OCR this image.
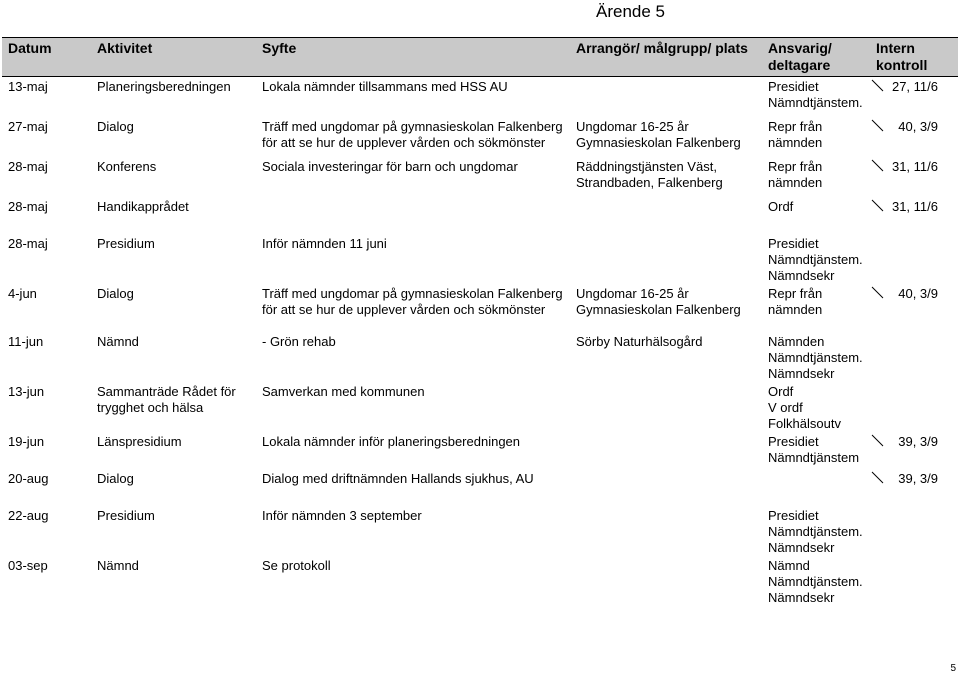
Ärende 5
Datum	Aktivitet	Syfte	Arrangör/ målgrupp/ plats	Ansvarig/ deltagare	Intern kontroll
13-maj	Planeringsberedningen	Lokala nämnder tillsammans med HSS AU		Presidiet
Nämndtjänstem.	27, 11/6
27-maj	Dialog	Träff med ungdomar på gymnasieskolan Falkenberg för att se hur de upplever vården och sökmönster	Ungdomar 16-25 år
Gymnasieskolan Falkenberg	Repr från
nämnden	40, 3/9
28-maj	Konferens	Sociala investeringar för barn och ungdomar	Räddningstjänsten Väst,
Strandbaden, Falkenberg	Repr från
nämnden	31, 11/6
28-maj	Handikapprådet			Ordf	31, 11/6
28-maj	Presidium	Inför nämnden 11 juni		Presidiet
Nämndtjänstem.
Nämndsekr	
4-jun	Dialog	Träff med ungdomar på gymnasieskolan Falkenberg för att se hur de upplever vården och sökmönster	Ungdomar 16-25 år
Gymnasieskolan Falkenberg	Repr från
nämnden	40, 3/9
11-jun	Nämnd	- Grön rehab	Sörby Naturhälsogård	Nämnden
Nämndtjänstem.
Nämndsekr	
13-jun	Sammanträde Rådet för trygghet och hälsa	Samverkan med kommunen		Ordf
V ordf
Folkhälsoutv	
19-jun	Länspresidium	Lokala nämnder inför planeringsberedningen		Presidiet
Nämndtjänstem	39, 3/9
20-aug	Dialog	Dialog med driftnämnden Hallands sjukhus, AU			39, 3/9
22-aug	Presidium	Inför nämnden 3 september		Presidiet
Nämndtjänstem.
Nämndsekr	
03-sep	Nämnd	Se protokoll		Nämnd
Nämndtjänstem.
Nämndsekr	
5
